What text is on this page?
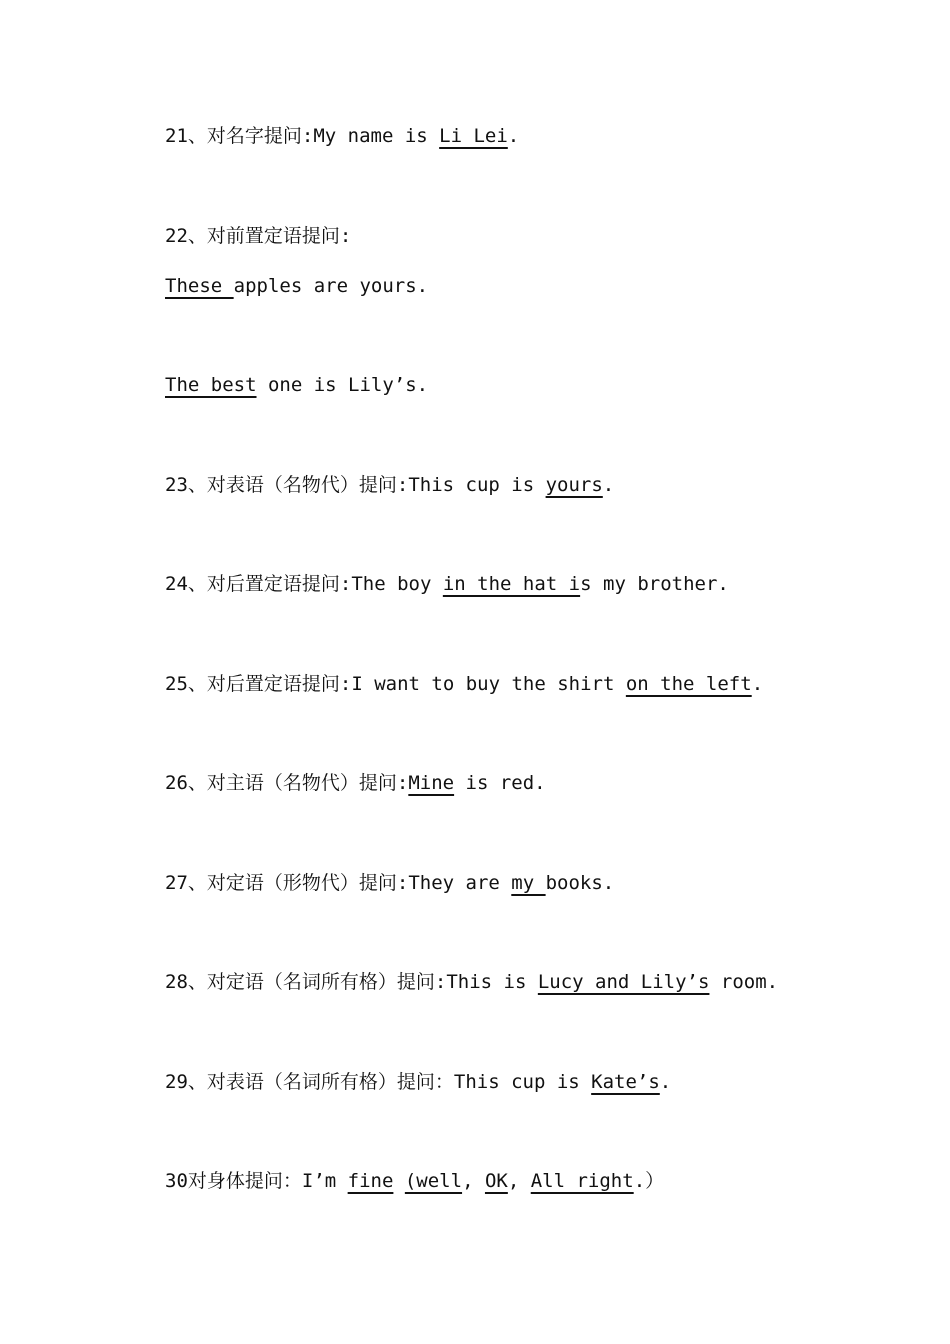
21、对名字提问:My name is Li Lei.
22、对前置定语提问:
These apples are yours.
The best one is Lily’s.
23、对表语（名物代）提问:This cup is yours.
24、对后置定语提问:The boy in the hat is my brother.
25、对后置定语提问:I want to buy the shirt on the left.
26、对主语（名物代）提问:Mine is red.
27、对定语（形物代）提问:They are my books.
28、对定语（名词所有格）提问:This is Lucy and Lily’s room.
29、对表语（名词所有格）提问：This cup is Kate’s.
30对身体提问：I’m fine (well, OK, All right.）
